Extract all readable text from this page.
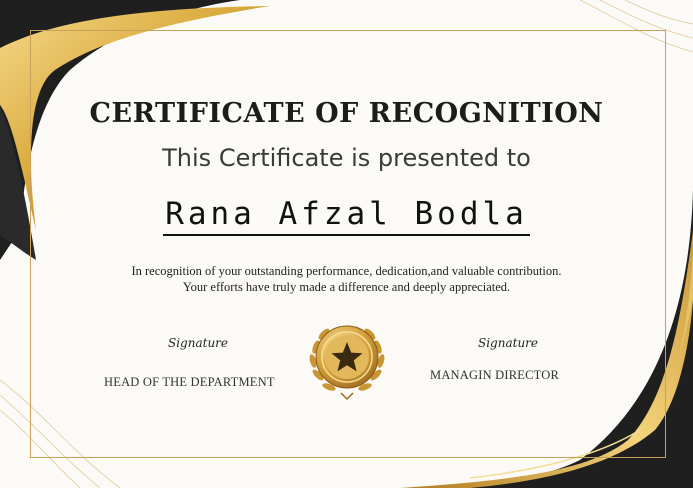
CERTIFICATE OF RECOGNITION
This Certificate is presented to
Rana Afzal Bodla
In recognition of your outstanding performance, dedication,and valuable contribution.
Your efforts have truly made a difference and deeply appreciated.
Signature
HEAD OF THE DEPARTMENT
Signature
MANAGIN DIRECTOR
